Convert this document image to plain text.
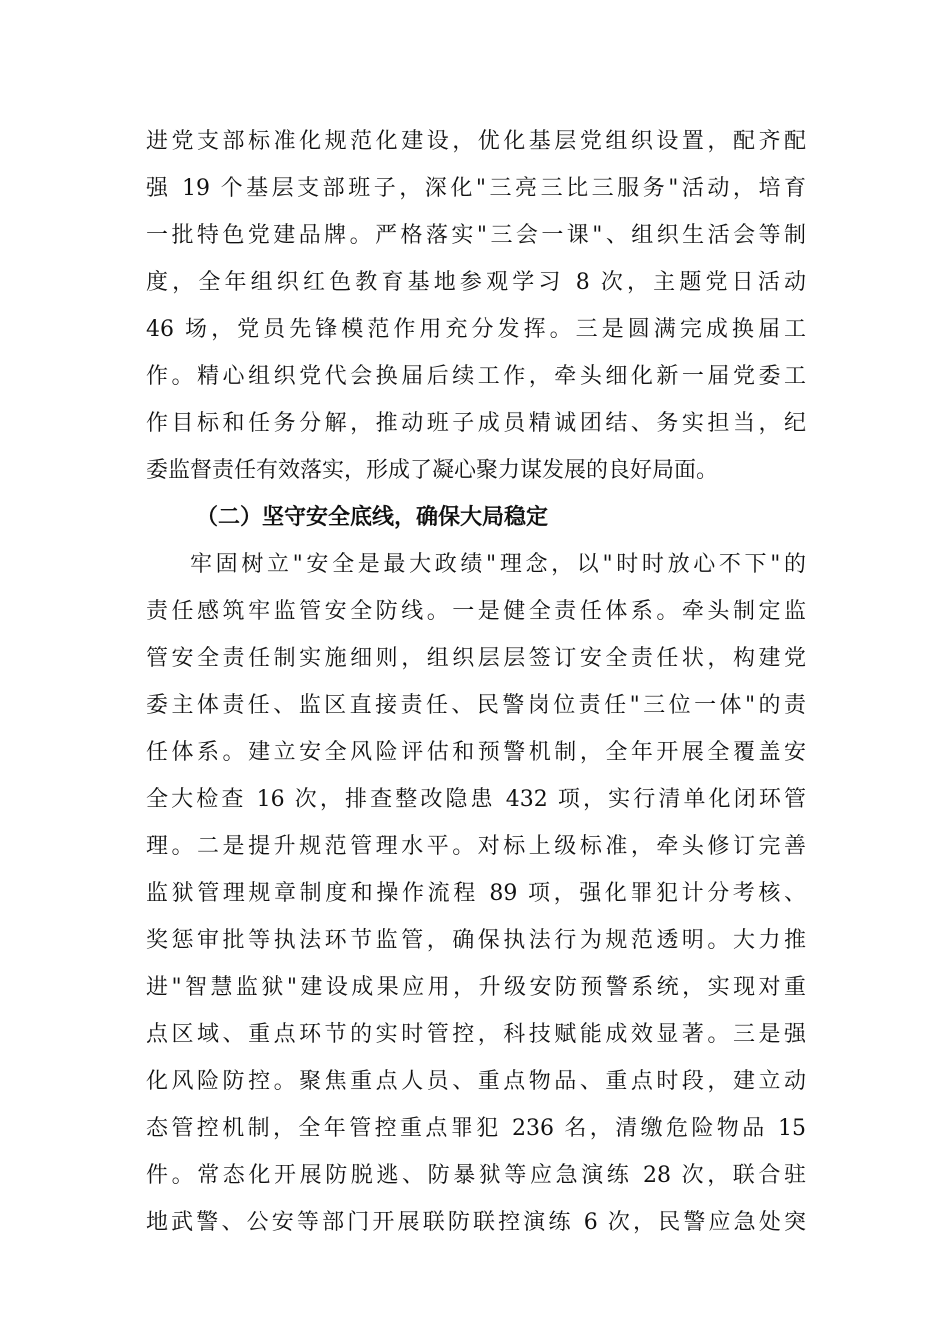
进党支部标准化规范化建设，优化基层党组织设置，配齐配
强 19 个基层支部班子，深化"三亮三比三服务"活动，培育
一批特色党建品牌。严格落实"三会一课"、组织生活会等制
度，全年组织红色教育基地参观学习 8 次，主题党日活动
46 场，党员先锋模范作用充分发挥。三是圆满完成换届工
作。精心组织党代会换届后续工作，牵头细化新一届党委工
作目标和任务分解，推动班子成员精诚团结、务实担当，纪
委监督责任有效落实，形成了凝心聚力谋发展的良好局面。
（二）坚守安全底线，确保大局稳定
牢固树立"安全是最大政绩"理念，以"时时放心不下"的
责任感筑牢监管安全防线。一是健全责任体系。牵头制定监
管安全责任制实施细则，组织层层签订安全责任状，构建党
委主体责任、监区直接责任、民警岗位责任"三位一体"的责
任体系。建立安全风险评估和预警机制，全年开展全覆盖安
全大检查 16 次，排查整改隐患 432 项，实行清单化闭环管
理。二是提升规范管理水平。对标上级标准，牵头修订完善
监狱管理规章制度和操作流程 89 项，强化罪犯计分考核、
奖惩审批等执法环节监管，确保执法行为规范透明。大力推
进"智慧监狱"建设成果应用，升级安防预警系统，实现对重
点区域、重点环节的实时管控，科技赋能成效显著。三是强
化风险防控。聚焦重点人员、重点物品、重点时段，建立动
态管控机制，全年管控重点罪犯 236 名，清缴危险物品 15
件。常态化开展防脱逃、防暴狱等应急演练 28 次，联合驻
地武警、公安等部门开展联防联控演练 6 次，民警应急处突
